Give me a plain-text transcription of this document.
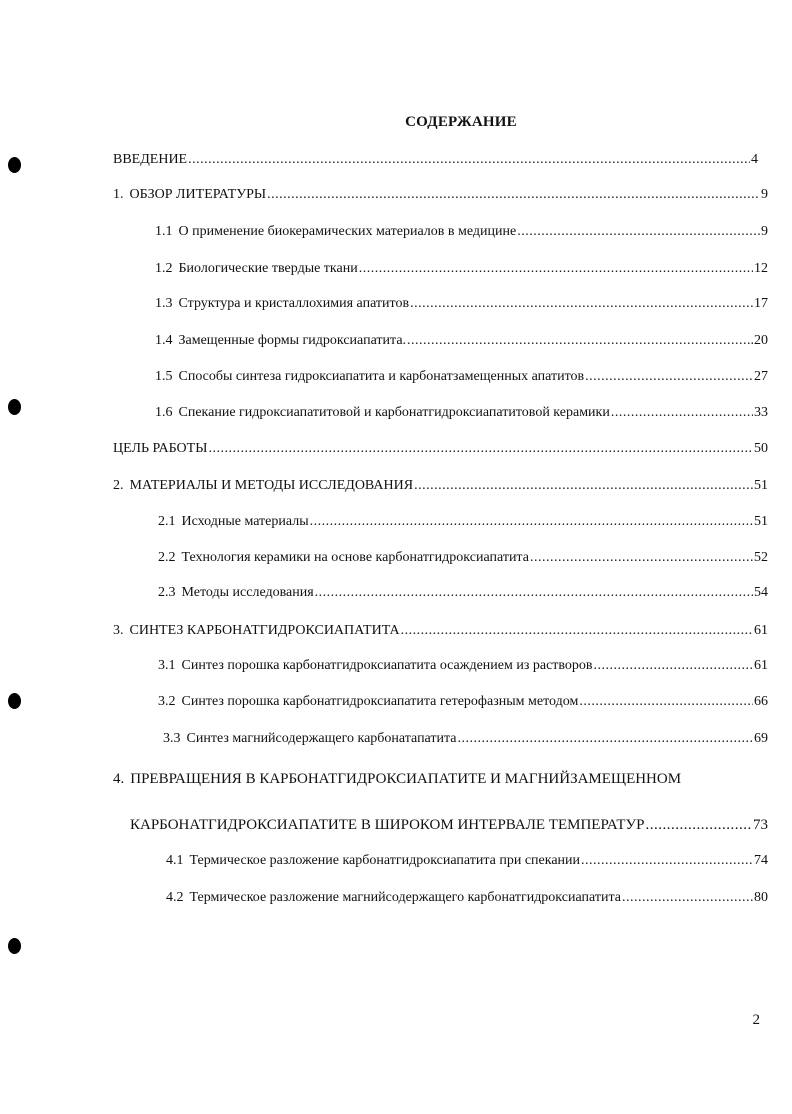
СОДЕРЖАНИЕ
ВВЕДЕНИЕ .....	4
1. ОБЗОР ЛИТЕРАТУРЫ .....	9
1.1 О применение биокерамических материалов в медицине .....	9
1.2 Биологические твердые ткани .....	12
1.3 Структура и кристаллохимия апатитов .....	17
1.4 Замещенные формы гидроксиапатита. .....	.20
1.5 Способы синтеза гидроксиапатита и карбонатзамещенных апатитов .....	27
1.6 Спекание гидроксиапатитовой и карбонатгидроксиапатитовой керамики .....	33
ЦЕЛЬ РАБОТЫ .....	50
2. МАТЕРИАЛЫ И МЕТОДЫ ИССЛЕДОВАНИЯ .....	51
2.1 Исходные материалы .....	51
2.2 Технология керамики на основе карбонатгидроксиапатита .....	52
2.3 Методы исследования .....	54
3. СИНТЕЗ КАРБОНАТГИДРОКСИАПАТИТА .....	61
3.1 Синтез порошка карбонатгидроксиапатита осаждением из растворов .....	61
3.2 Синтез порошка карбонатгидроксиапатита гетерофазным методом .....	66
3.3 Синтез магнийсодержащего карбонатапатита .....	69
4. ПРЕВРАЩЕНИЯ В КАРБОНАТГИДРОКСИАПАТИТЕ И МАГНИЙЗАМЕЩЕННОМ
КАРБОНАТГИДРОКСИАПАТИТЕ В ШИРОКОМ ИНТЕРВАЛЕ ТЕМПЕРАТУР .....	73
4.1 Термическое разложение карбонатгидроксиапатита при спекании .....	74
4.2 Термическое разложение магнийсодержащего карбонатгидроксиапатита .....	80
2
